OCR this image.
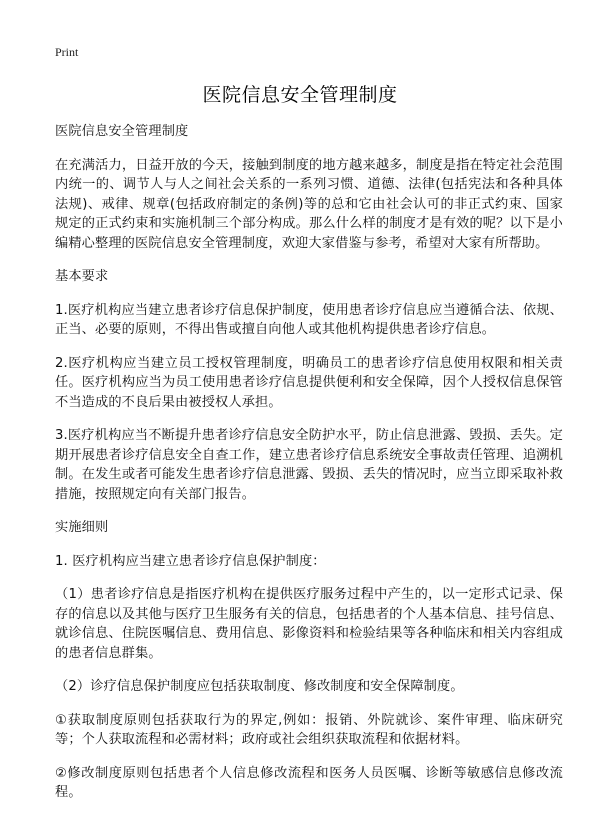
Print
医院信息安全管理制度

医院信息安全管理制度

在充满活力，日益开放的今天，接触到制度的地方越来越多，制度是指在特定社会范围内统一的、调节人与人之间社会关系的一系列习惯、道德、法律(包括宪法和各种具体法规)、戒律、规章(包括政府制定的条例)等的总和它由社会认可的非正式约束、国家规定的正式约束和实施机制三个部分构成。那么什么样的制度才是有效的呢？以下是小编精心整理的医院信息安全管理制度，欢迎大家借鉴与参考，希望对大家有所帮助。

基本要求

1.医疗机构应当建立患者诊疗信息保护制度，使用患者诊疗信息应当遵循合法、依规、正当、必要的原则，不得出售或擅自向他人或其他机构提供患者诊疗信息。

2.医疗机构应当建立员工授权管理制度，明确员工的患者诊疗信息使用权限和相关责任。医疗机构应当为员工使用患者诊疗信息提供便利和安全保障，因个人授权信息保管不当造成的不良后果由被授权人承担。

3.医疗机构应当不断提升患者诊疗信息安全防护水平，防止信息泄露、毁损、丢失。定期开展患者诊疗信息安全自查工作，建立患者诊疗信息系统安全事故责任管理、追溯机制。在发生或者可能发生患者诊疗信息泄露、毁损、丢失的情况时，应当立即采取补救措施，按照规定向有关部门报告。

实施细则

1. 医疗机构应当建立患者诊疗信息保护制度：

（1）患者诊疗信息是指医疗机构在提供医疗服务过程中产生的，以一定形式记录、保存的信息以及其他与医疗卫生服务有关的信息，包括患者的个人基本信息、挂号信息、就诊信息、住院医嘱信息、费用信息、影像资料和检验结果等各种临床和相关内容组成的患者信息群集。

（2）诊疗信息保护制度应包括获取制度、修改制度和安全保障制度。

①获取制度原则包括获取行为的界定,例如：报销、外院就诊、案件审理、临床研究等；个人获取流程和必需材料；政府或社会组织获取流程和依据材料。

②修改制度原则包括患者个人信息修改流程和医务人员医嘱、诊断等敏感信息修改流程。
